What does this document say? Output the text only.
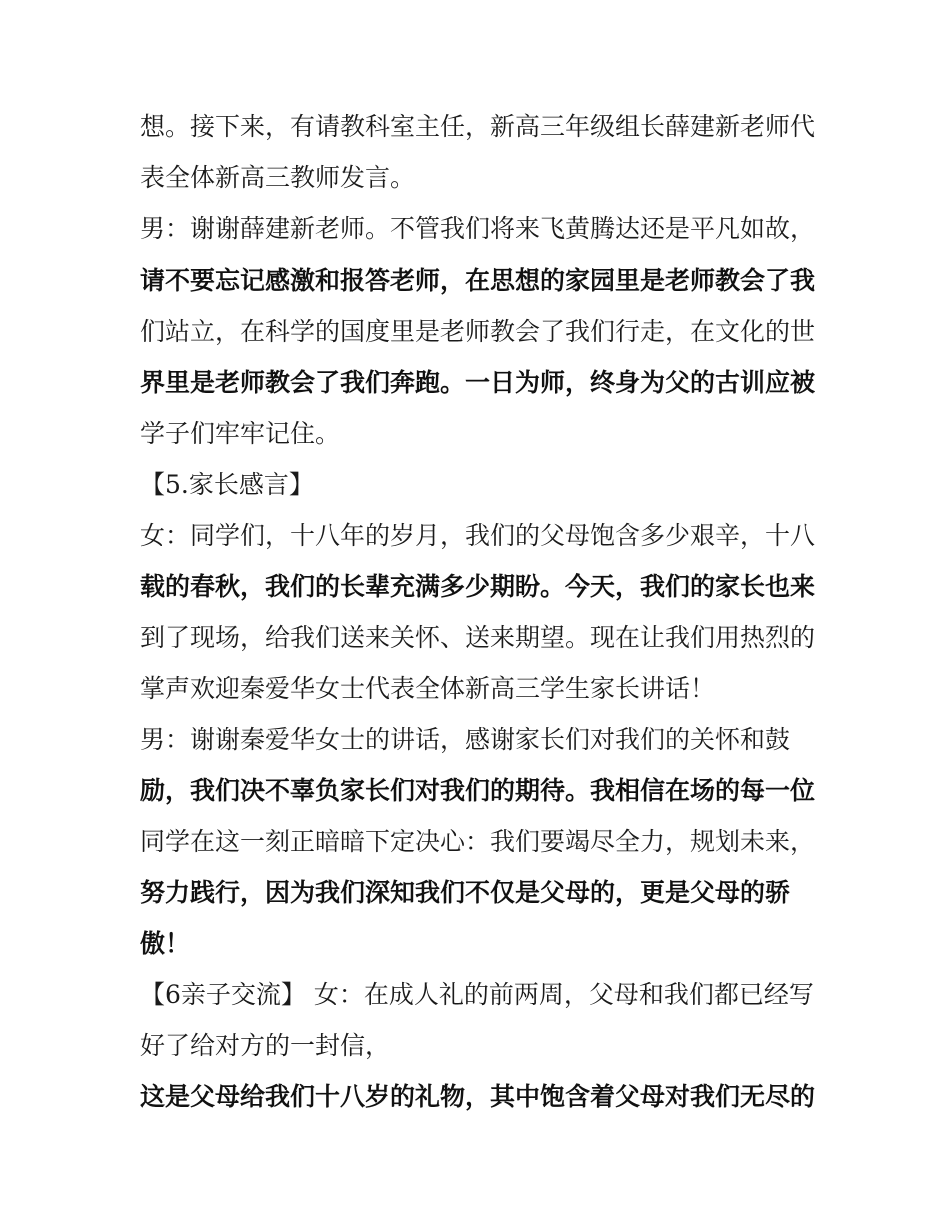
想。接下来，有请教科室主任，新高三年级组长薛建新老师代
表全体新高三教师发言。
男：谢谢薛建新老师。不管我们将来飞黄腾达还是平凡如故，
请不要忘记感激和报答老师，在思想的家园里是老师教会了我
们站立，在科学的国度里是老师教会了我们行走，在文化的世
界里是老师教会了我们奔跑。一日为师，终身为父的古训应被
学子们牢牢记住。
【5.家长感言】
女：同学们，十八年的岁月，我们的父母饱含多少艰辛，十八
载的春秋，我们的长辈充满多少期盼。今天，我们的家长也来
到了现场，给我们送来关怀、送来期望。现在让我们用热烈的
掌声欢迎秦爱华女士代表全体新高三学生家长讲话！
男：谢谢秦爱华女士的讲话，感谢家长们对我们的关怀和鼓
励，我们决不辜负家长们对我们的期待。我相信在场的每一位
同学在这一刻正暗暗下定决心：我们要竭尽全力，规划未来，
努力践行，因为我们深知我们不仅是父母的，更是父母的骄
傲！
【6亲子交流】 女：在成人礼的前两周，父母和我们都已经写
好了给对方的一封信，
这是父母给我们十八岁的礼物，其中饱含着父母对我们无尽的
